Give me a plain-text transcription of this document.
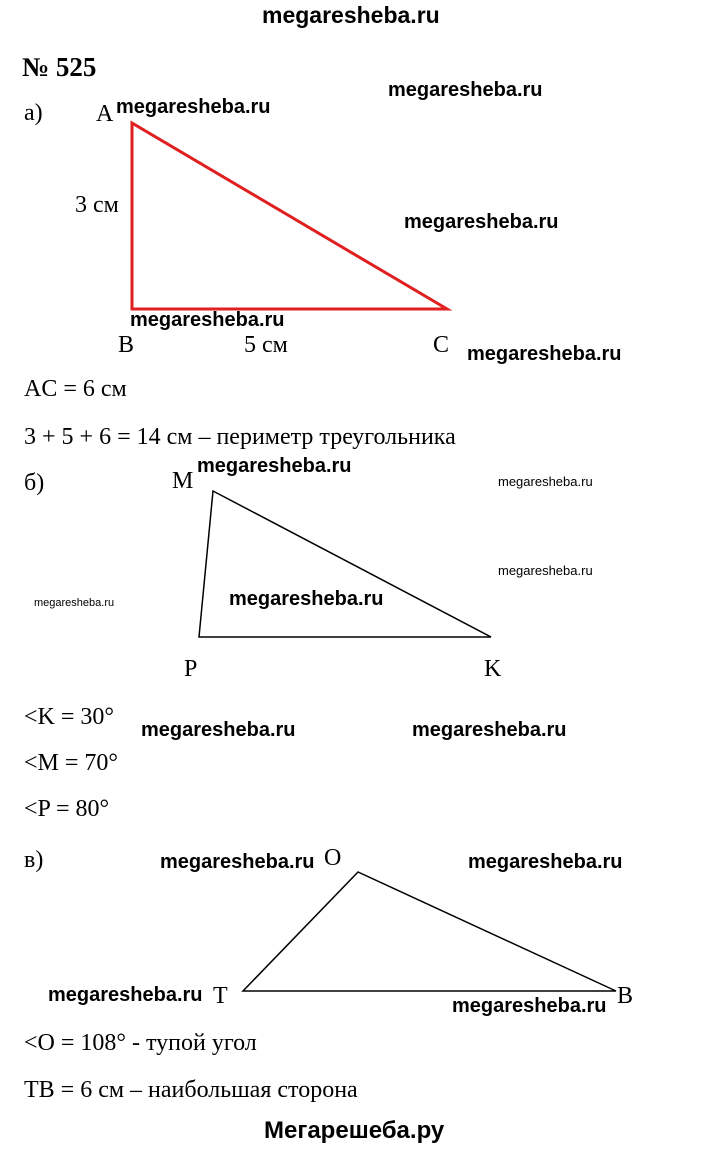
megaresheba.ru
№ 525
а) A
3 см
B	5 см	C
AC = 6 см
3 + 5 + 6 = 14 см – периметр треугольника
б)	M
P	K
<K = 30°
<M = 70°
<P = 80°
в)	O
T	B
<O = 108° - тупой угол
TB = 6 см – наибольшая сторона
megaresheba.ru
megaresheba.ru
megaresheba.ru
megaresheba.ru
megaresheba.ru
megaresheba.ru
megaresheba.ru
megaresheba.ru
megaresheba.ru
megaresheba.ru
megaresheba.ru	megaresheba.ru
megaresheba.ru	megaresheba.ru
megaresheba.ru	megaresheba.ru
Мегарешеба.ру
